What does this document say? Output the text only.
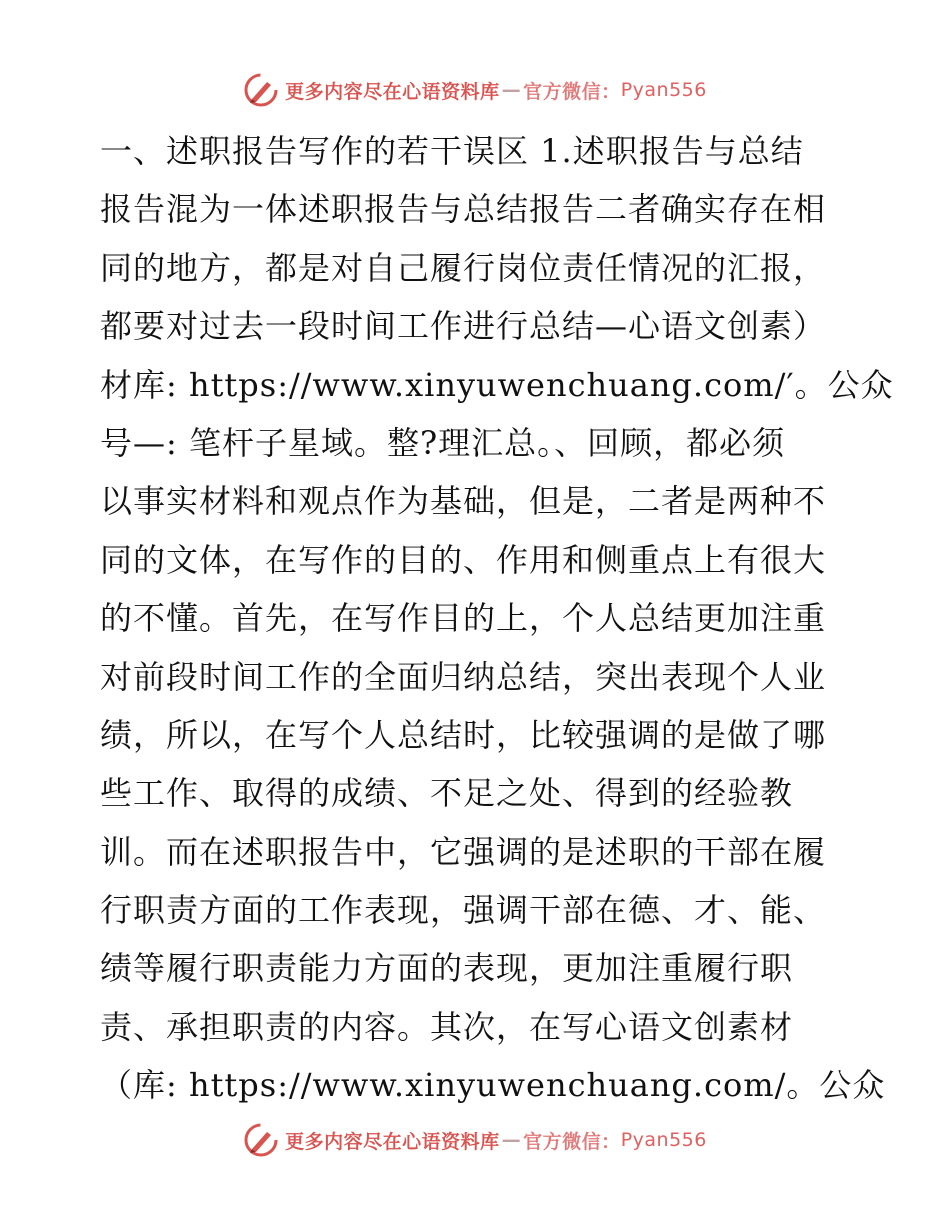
更多内容尽在心语资料库 — 官方微信： Pyan556
一、述职报告写作的若干误区 1.述职报告与总结
报告混为一体述职报告与总结报告二者确实存在相
同的地方，都是对自己履行岗位责任情况的汇报，
都要对过去一段时间工作进行总结—心语文创素）
材库: https://www.xinyuwenchuang.com/′。公众
号—: 笔杆子星域。整?理汇总。、回顾，都必须
以事实材料和观点作为基础，但是，二者是两种不
同的文体，在写作的目的、作用和侧重点上有很大
的不懂。首先，在写作目的上，个人总结更加注重
对前段时间工作的全面归纳总结，突出表现个人业
绩，所以，在写个人总结时，比较强调的是做了哪
些工作、取得的成绩、不足之处、得到的经验教
训。而在述职报告中，它强调的是述职的干部在履
行职责方面的工作表现，强调干部在德、才、能、
绩等履行职责能力方面的表现，更加注重履行职
责、承担职责的内容。其次，在写心语文创素材
（库: https://www.xinyuwenchuang.com/。公众
更多内容尽在心语资料库 — 官方微信： Pyan556
